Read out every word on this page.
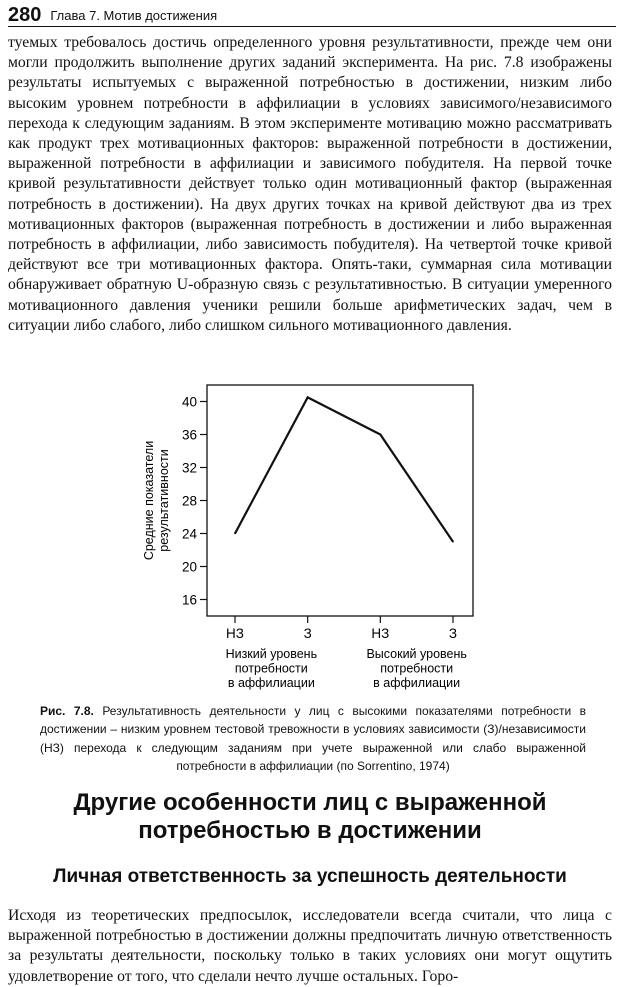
280 Глава 7. Мотив достижения

туемых требовалось достичь определенного уровня результативности, прежде чем они могли продолжить выполнение других заданий эксперимента. На рис. 7.8 изображены результаты испытуемых с выраженной потребностью в достижении, низким либо высоким уровнем потребности в аффилиации в условиях зависимого/независимого перехода к следующим заданиям. В этом эксперименте мотивацию можно рассматривать как продукт трех мотивационных факторов: выраженной потребности в достижении, выраженной потребности в аффилиации и зависимого побудителя. На первой точке кривой результативности действует только один мотивационный фактор (выраженная потребность в достижении). На двух других точках на кривой действуют два из трех мотивационных факторов (выраженная потребность в достижении и либо выраженная потребность в аффилиации, либо зависимость побудителя). На четвертой точке кривой действуют все три мотивационных фактора. Опять-таки, суммарная сила мотивации обнаруживает обратную U-образную связь с результативностью. В ситуации умеренного мотивационного давления ученики решили больше арифметических задач, чем в ситуации либо слабого, либо слишком сильного мотивационного давления.

16
20
24
28
32
36
40
НЗ	З	НЗ	З
Низкий уровень
потребности
в аффилиации
Высокий уровень
потребности
в аффилиации
Средние показатели результативности

Рис. 7.8. Результативность деятельности у лиц с высокими показателями потребности в достижении – низким уровнем тестовой тревожности в условиях зависимости (З)/независимости (НЗ) перехода к следующим заданиям при учете выраженной или слабо выраженной потребности в аффилиации (по Sorrentino, 1974)

Другие особенности лиц с выраженной потребностью в достижении
Личная ответственность за успешность деятельности

Исходя из теоретических предпосылок, исследователи всегда считали, что лица с выраженной потребностью в достижении должны предпочитать личную ответственность за результаты деятельности, поскольку только в таких условиях они могут ощутить удовлетворение от того, что сделали нечто лучше остальных. Горо-
